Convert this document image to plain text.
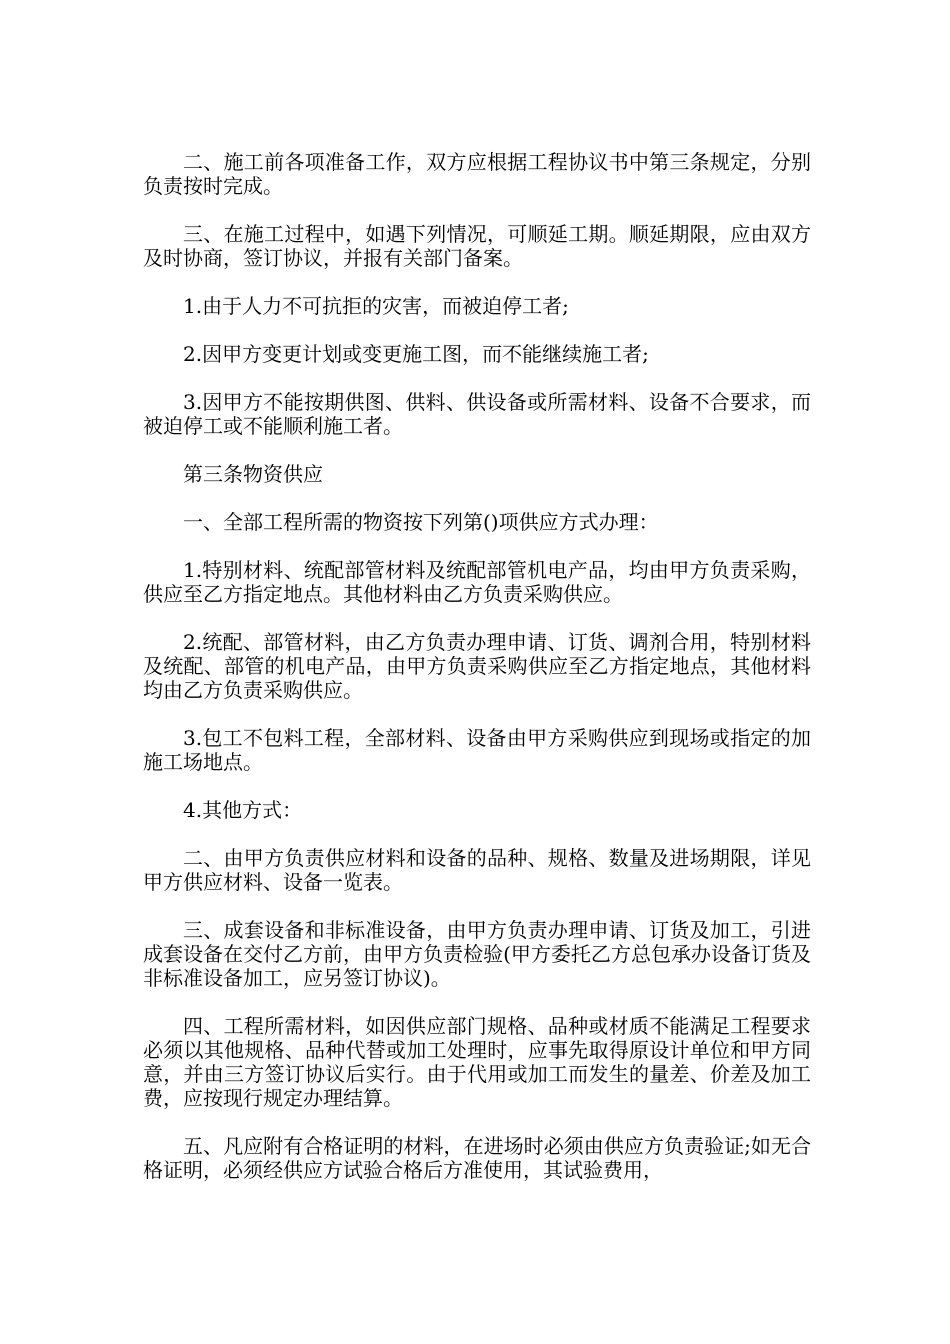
二、施工前各项准备工作，双方应根据工程协议书中第三条规定，分别负责按时完成。

三、在施工过程中，如遇下列情况，可顺延工期。顺延期限，应由双方及时协商，签订协议，并报有关部门备案。

1.由于人力不可抗拒的灾害，而被迫停工者;

2.因甲方变更计划或变更施工图，而不能继续施工者;

3.因甲方不能按期供图、供料、供设备或所需材料、设备不合要求，而被迫停工或不能顺利施工者。

第三条物资供应

一、全部工程所需的物资按下列第()项供应方式办理：

1.特别材料、统配部管材料及统配部管机电产品，均由甲方负责采购，供应至乙方指定地点。其他材料由乙方负责采购供应。

2.统配、部管材料，由乙方负责办理申请、订货、调剂合用，特别材料及统配、部管的机电产品，由甲方负责采购供应至乙方指定地点，其他材料均由乙方负责采购供应。

3.包工不包料工程，全部材料、设备由甲方采购供应到现场或指定的加施工场地点。

4.其他方式：

二、由甲方负责供应材料和设备的品种、规格、数量及进场期限，详见甲方供应材料、设备一览表。

三、成套设备和非标准设备，由甲方负责办理申请、订货及加工，引进成套设备在交付乙方前，由甲方负责检验(甲方委托乙方总包承办设备订货及非标准设备加工，应另签订协议)。

四、工程所需材料，如因供应部门规格、品种或材质不能满足工程要求必须以其他规格、品种代替或加工处理时，应事先取得原设计单位和甲方同意，并由三方签订协议后实行。由于代用或加工而发生的量差、价差及加工费，应按现行规定办理结算。

五、凡应附有合格证明的材料，在进场时必须由供应方负责验证;如无合格证明，必须经供应方试验合格后方准使用，其试验费用，
